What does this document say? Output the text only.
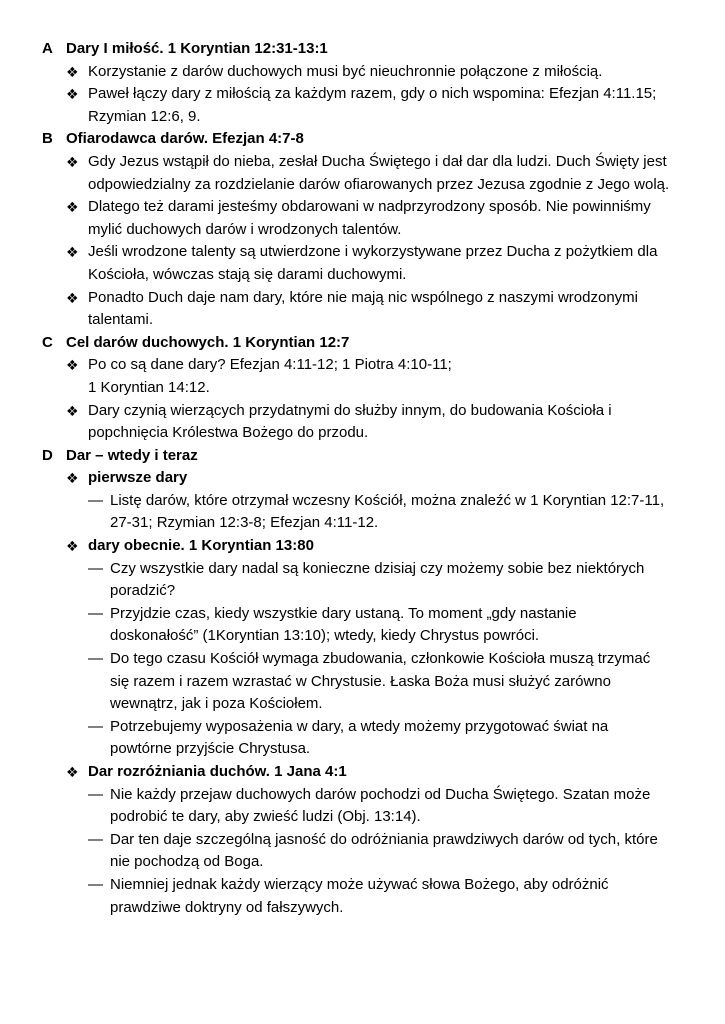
A Dary I miłość. 1 Koryntian 12:31-13:1
❖ Korzystanie z darów duchowych musi być nieuchronnie połączone z miłością.
❖ Paweł łączy dary z miłością za każdym razem, gdy o nich wspomina: Efezjan 4:11.15; Rzymian 12:6, 9.
B Ofiarodawca darów. Efezjan 4:7-8
❖ Gdy Jezus wstąpił do nieba, zesłał Ducha Świętego i dał dar dla ludzi. Duch Święty jest odpowiedzialny za rozdzielanie darów ofiarowanych przez Jezusa zgodnie z Jego wolą.
❖ Dlatego też darami jesteśmy obdarowani w nadprzyrodzony sposób. Nie powinniśmy mylić duchowych darów i wrodzonych talentów.
❖ Jeśli wrodzone talenty są utwierdzone i wykorzystywane przez Ducha z pożytkiem dla Kościoła, wówczas stają się darami duchowymi.
❖ Ponadto Duch daje nam dary, które nie mają nic wspólnego z naszymi wrodzonymi talentami.
C Cel darów duchowych. 1 Koryntian 12:7
❖ Po co są dane dary? Efezjan 4:11-12; 1 Piotra 4:10-11;
1 Koryntian 14:12.
❖ Dary czynią wierzących przydatnymi do służby innym, do budowania Kościoła i popchnięcia Królestwa Bożego do przodu.
D Dar – wtedy i teraz
❖ pierwsze dary
— Listę darów, które otrzymał wczesny Kościół, można znaleźć w 1 Koryntian 12:7-11, 27-31; Rzymian 12:3-8; Efezjan 4:11-12.
❖ dary obecnie. 1 Koryntian 13:80
— Czy wszystkie dary nadal są konieczne dzisiaj czy możemy sobie bez niektórych poradzić?
— Przyjdzie czas, kiedy wszystkie dary ustaną. To moment „gdy nastanie doskonałość” (1Koryntian 13:10); wtedy, kiedy Chrystus powróci.
— Do tego czasu Kościół wymaga zbudowania, członkowie Kościoła muszą trzymać się razem i razem wzrastać w Chrystusie. Łaska Boża musi służyć zarówno wewnątrz, jak i poza Kościołem.
— Potrzebujemy wyposażenia w dary, a wtedy możemy przygotować świat na powtórne przyjście Chrystusa.
❖ Dar rozróżniania duchów. 1 Jana 4:1
— Nie każdy przejaw duchowych darów pochodzi od Ducha Świętego. Szatan może podrobić te dary, aby zwieść ludzi (Obj. 13:14).
— Dar ten daje szczególną jasność do odróżniania prawdziwych darów od tych, które nie pochodzą od Boga.
— Niemniej jednak każdy wierzący może używać słowa Bożego, aby odróżnić prawdziwe doktryny od fałszywych.
